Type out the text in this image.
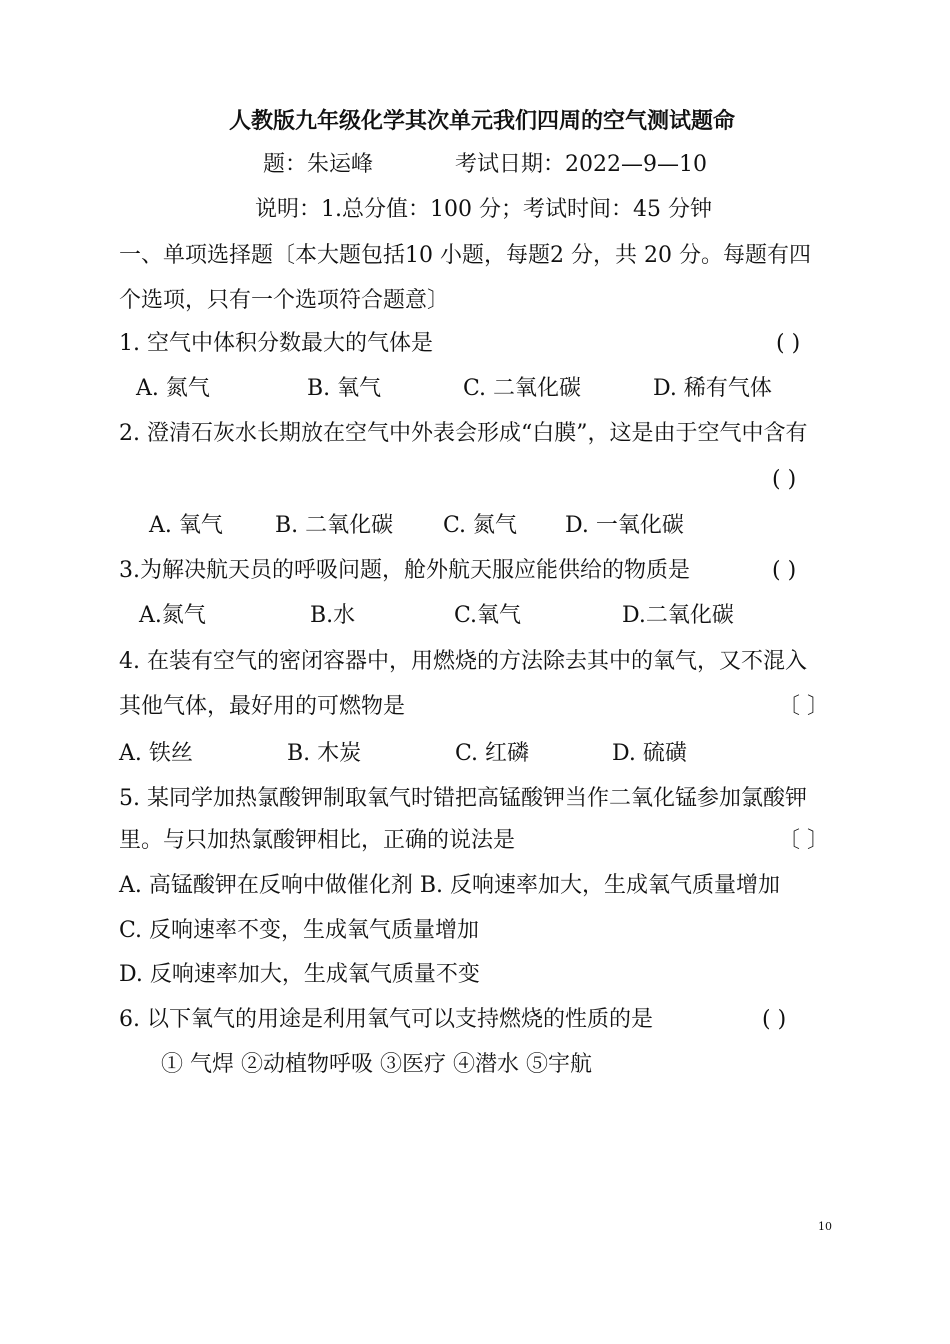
人教版九年级化学其次单元我们四周的空气测试题命
题：朱运峰	考试日期：2022—9—10
说明：1.总分值：100 分；考试时间：45 分钟
一、单项选择题〔本大题包括10 小题，每题2 分，共 20 分。每题有四
个选项，只有一个选项符合题意〕
1. 空气中体积分数最大的气体是	( )
A. 氮气	B. 氧气	C. 二氧化碳	D. 稀有气体
2. 澄清石灰水长期放在空气中外表会形成“白膜”，这是由于空气中含有
( )
A. 氧气 B. 二氧化碳 C. 氮气 D. 一氧化碳
3.为解决航天员的呼吸问题，舱外航天服应能供给的物质是	( )
A.氮气	B.水	C.氧气	D.二氧化碳
4. 在装有空气的密闭容器中，用燃烧的方法除去其中的氧气，又不混入
其他气体，最好用的可燃物是	〔 〕
A. 铁丝	B. 木炭	C. 红磷	D. 硫磺
5. 某同学加热氯酸钾制取氧气时错把高锰酸钾当作二氧化锰参加氯酸钾
里。与只加热氯酸钾相比，正确的说法是	〔 〕
A. 高锰酸钾在反响中做催化剂 B. 反响速率加大，生成氧气质量增加
C. 反响速率不变，生成氧气质量增加
D. 反响速率加大，生成氧气质量不变
6. 以下氧气的用途是利用氧气可以支持燃烧的性质的是	( )
① 气焊 ②动植物呼吸 ③医疗 ④潜水 ⑤宇航
10
